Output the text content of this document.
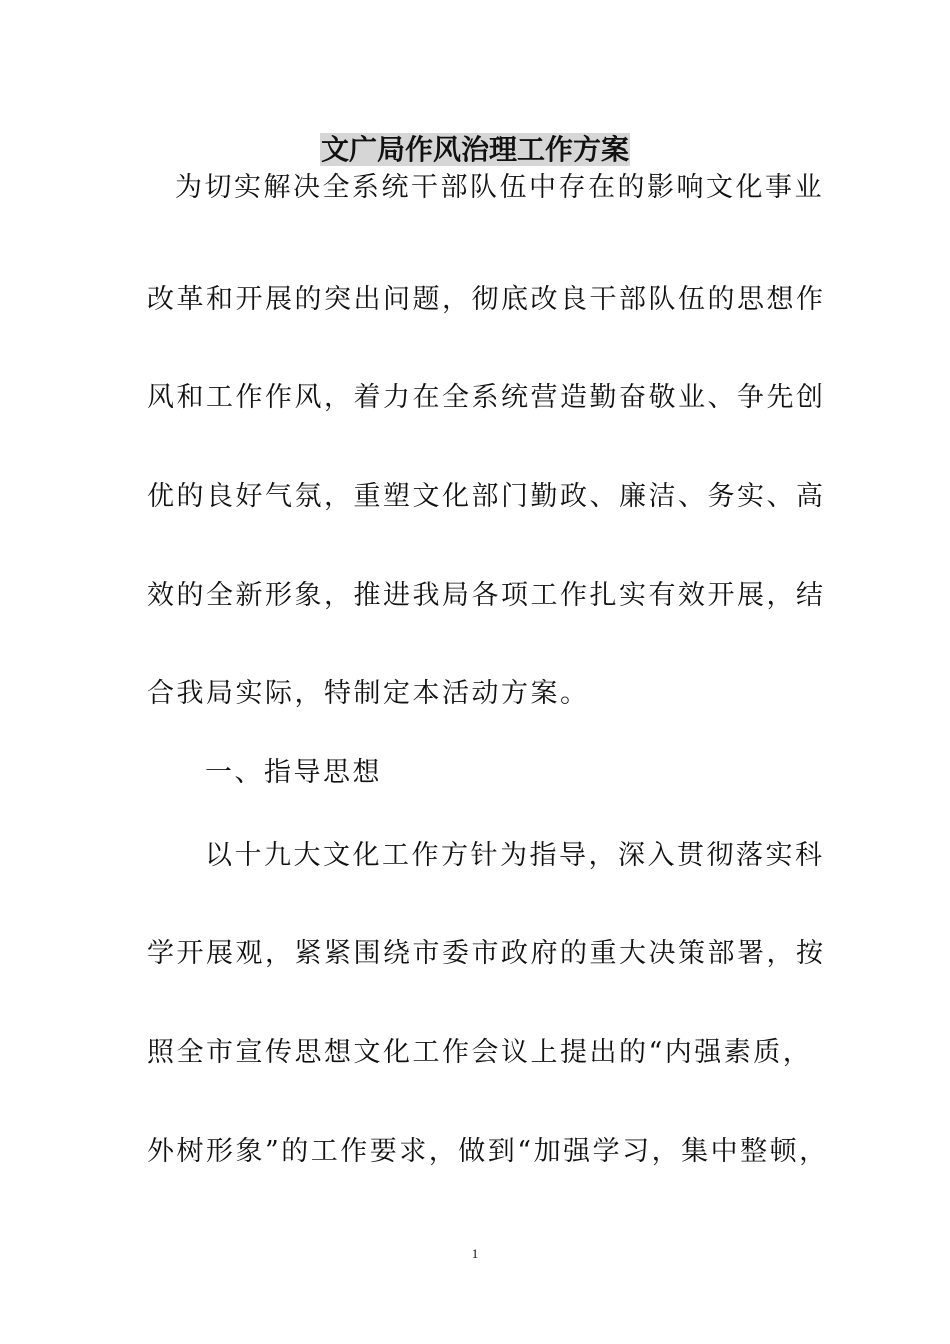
文广局作风治理工作方案
为切实解决全系统干部队伍中存在的影响文化事业
改革和开展的突出问题，彻底改良干部队伍的思想作
风和工作作风，着力在全系统营造勤奋敬业、争先创
优的良好气氛，重塑文化部门勤政、廉洁、务实、高
效的全新形象，推进我局各项工作扎实有效开展，结
合我局实际，特制定本活动方案。
一、指导思想
以十九大文化工作方针为指导，深入贯彻落实科
学开展观，紧紧围绕市委市政府的重大决策部署，按
照全市宣传思想文化工作会议上提出的“内强素质，
外树形象”的工作要求，做到“加强学习，集中整顿，
1
